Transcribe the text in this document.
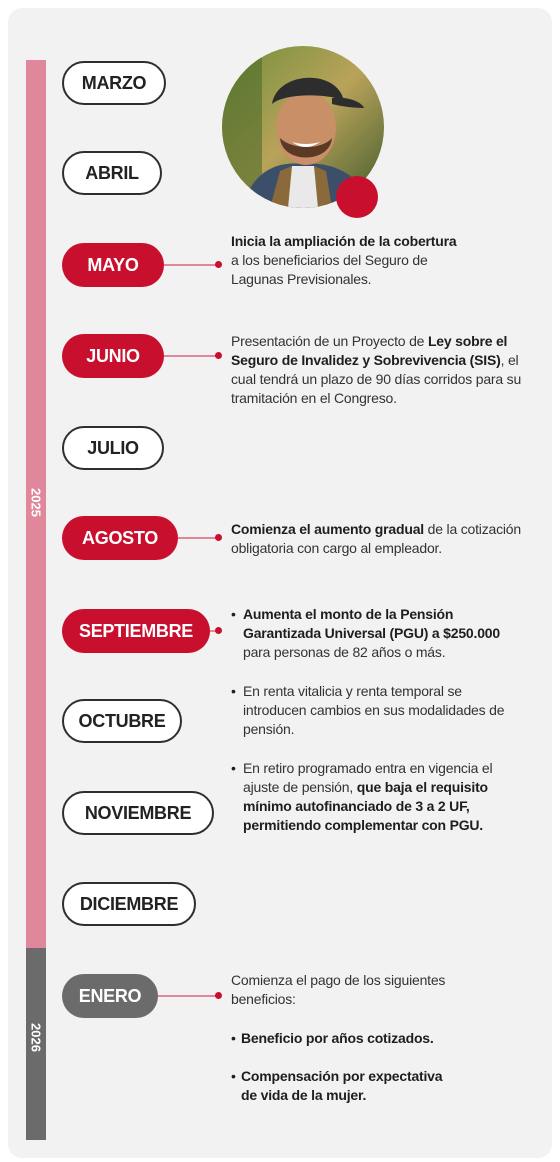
2025
2026
MARZO
ABRIL
MAYO
JUNIO
JULIO
AGOSTO
SEPTIEMBRE
OCTUBRE
NOVIEMBRE
DICIEMBRE
ENERO
Inicia la ampliación de la cobertura
a los beneficiarios del Seguro de Lagunas Previsionales.
Presentación de un Proyecto de Ley sobre el Seguro de Invalidez y Sobrevivencia (SIS), el cual tendrá un plazo de 90 días corridos para su tramitación en el Congreso.
Comienza el aumento gradual de la cotización obligatoria con cargo al empleador.
• Aumenta el monto de la Pensión Garantizada Universal (PGU) a $250.000 para personas de 82 años o más.
• En renta vitalicia y renta temporal se introducen cambios en sus modalidades de pensión.
• En retiro programado entra en vigencia el ajuste de pensión, que baja el requisito mínimo autofinanciado de 3 a 2 UF, permitiendo complementar con PGU.
Comienza el pago de los siguientes beneficios:
• Beneficio por años cotizados.
• Compensación por expectativa de vida de la mujer.
